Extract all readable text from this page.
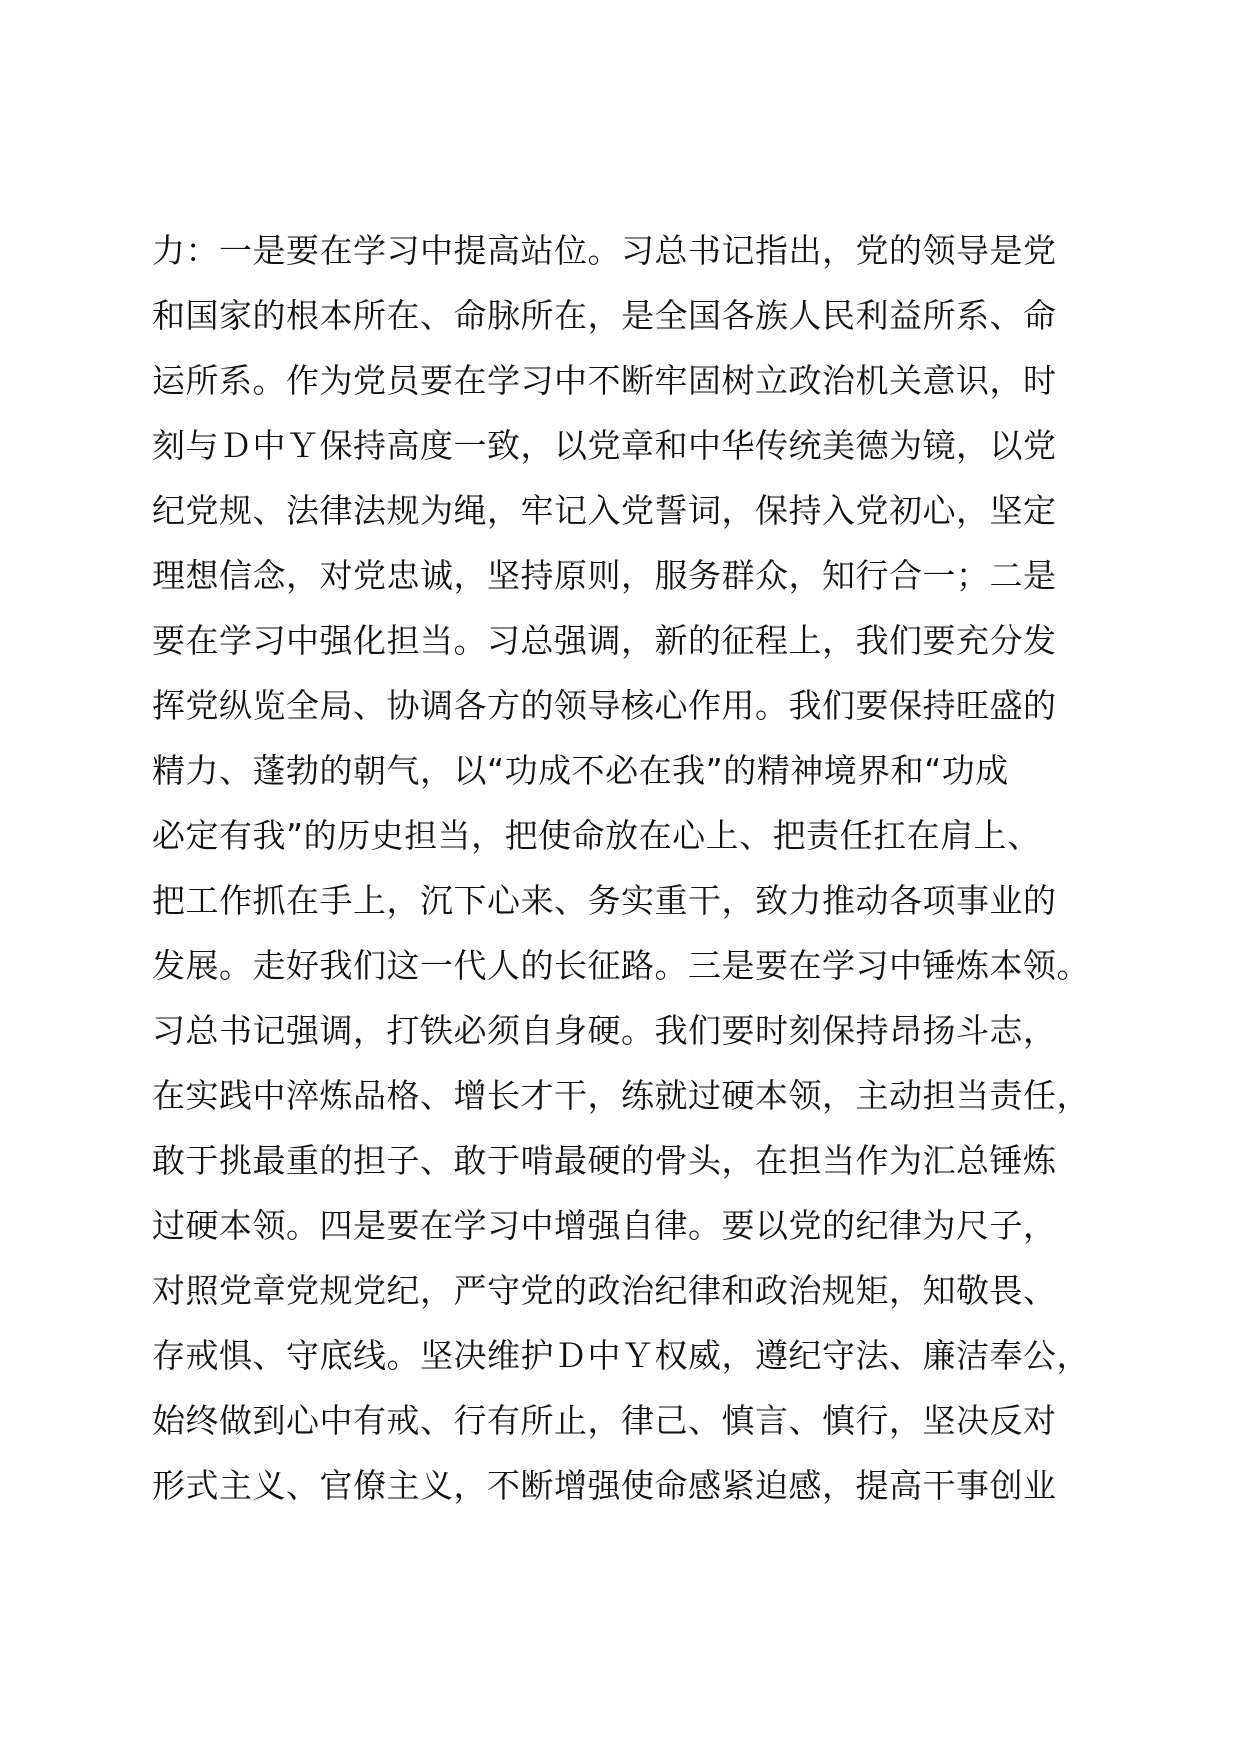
力：一是要在学习中提高站位。习总书记指出，党的领导是党
和国家的根本所在、命脉所在，是全国各族人民利益所系、命
运所系。作为党员要在学习中不断牢固树立政治机关意识，时
刻与Ｄ中Ｙ保持高度一致，以党章和中华传统美德为镜，以党
纪党规、法律法规为绳，牢记入党誓词，保持入党初心，坚定
理想信念，对党忠诚，坚持原则，服务群众，知行合一；二是
要在学习中强化担当。习总强调，新的征程上，我们要充分发
挥党纵览全局、协调各方的领导核心作用。我们要保持旺盛的
精力、蓬勃的朝气，以“功成不必在我”的精神境界和“功成
必定有我”的历史担当，把使命放在心上、把责任扛在肩上、
把工作抓在手上，沉下心来、务实重干，致力推动各项事业的
发展。走好我们这一代人的长征路。三是要在学习中锤炼本领。
习总书记强调，打铁必须自身硬。我们要时刻保持昂扬斗志，
在实践中淬炼品格、增长才干，练就过硬本领，主动担当责任，
敢于挑最重的担子、敢于啃最硬的骨头，在担当作为汇总锤炼
过硬本领。四是要在学习中增强自律。要以党的纪律为尺子，
对照党章党规党纪，严守党的政治纪律和政治规矩，知敬畏、
存戒惧、守底线。坚决维护Ｄ中Ｙ权威，遵纪守法、廉洁奉公，
始终做到心中有戒、行有所止，律己、慎言、慎行，坚决反对
形式主义、官僚主义，不断增强使命感紧迫感，提高干事创业
